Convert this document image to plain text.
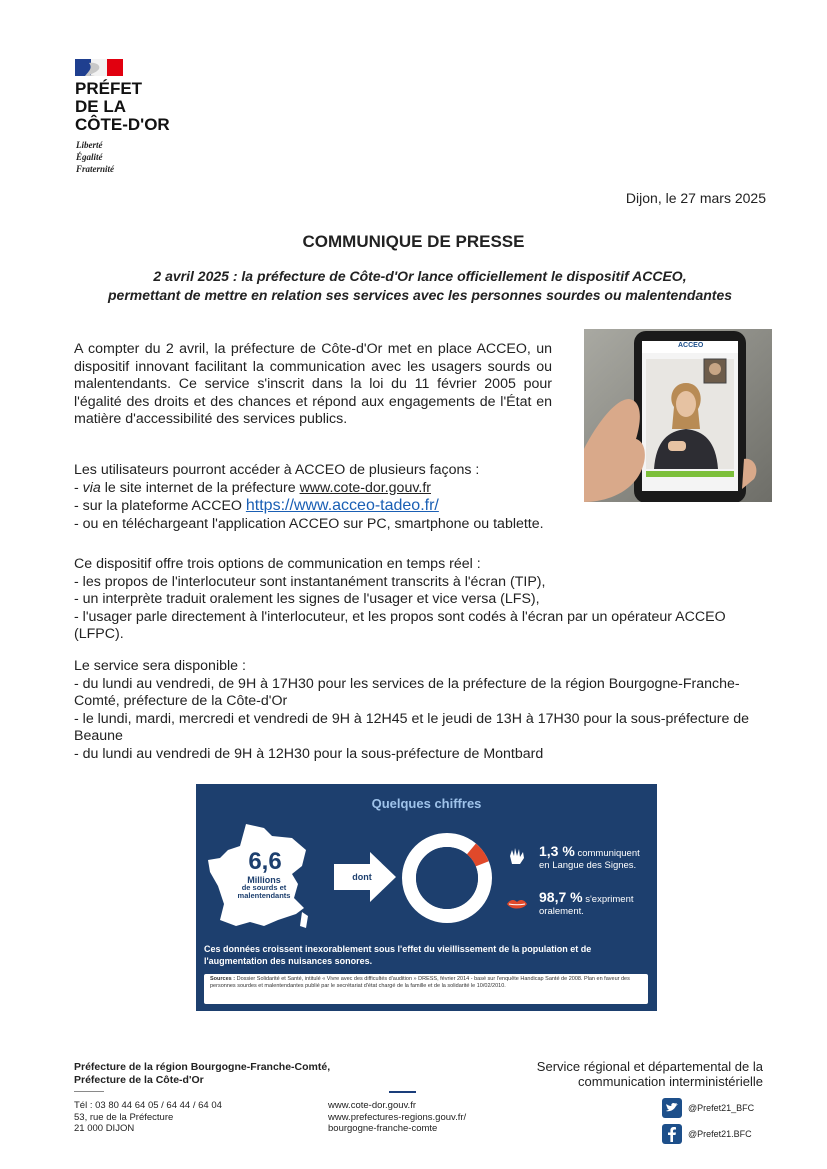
PRÉFET
DE LA
CÔTE-D'OR
Liberté
Égalité
Fraternité
Dijon, le 27 mars 2025
COMMUNIQUE DE PRESSE
2 avril 2025 : la préfecture de Côte-d'Or lance officiellement le dispositif ACCEO,
permettant de mettre en relation ses services avec les personnes sourdes ou malentendantes
A compter du 2 avril, la préfecture de Côte-d'Or met en place ACCEO, un dispositif innovant facilitant la communication avec les usagers sourds ou malentendants. Ce service s'inscrit dans la loi du 11 février 2005 pour l'égalité des droits et des chances et répond aux engagements de l'État en matière d'accessibilité des services publics.
ACCEO
Les utilisateurs pourront accéder à ACCEO de plusieurs façons :
- via le site internet de la préfecture www.cote-dor.gouv.fr
- sur la plateforme ACCEO https://www.acceo-tadeo.fr/
- ou en téléchargeant l'application ACCEO sur PC, smartphone ou tablette.
Ce dispositif offre trois options de communication en temps réel :
- les propos de l'interlocuteur sont instantanément transcrits à l'écran (TIP),
- un interprète traduit oralement les signes de l'usager et vice versa (LFS),
- l'usager parle directement à l'interlocuteur, et les propos sont codés à l'écran par un opérateur ACCEO (LFPC).
Le service sera disponible :
- du lundi au vendredi, de 9H à 17H30 pour les services de la préfecture de la région Bourgogne-Franche-Comté, préfecture de la Côte-d'Or
- le lundi, mardi, mercredi et vendredi de 9H à 12H45 et le jeudi de 13H à 17H30 pour la sous-préfecture de Beaune
- du lundi au vendredi de 9H à 12H30 pour la sous-préfecture de Montbard
Quelques chiffres
6,6
Millions
de sourds et
malentendants
dont
1,3 % communiquent
en Langue des Signes.
98,7 % s'expriment
oralement.
Ces données croissent inexorablement sous l'effet du vieillissement de la population et de l'augmentation des nuisances sonores.
Sources : Dossier Solidarité et Santé, intitulé « Vivre avec des difficultés d'audition » DRESS, février 2014 - basé sur l'enquête Handicap Santé de 2008. Plan en faveur des personnes sourdes et malentendantes publié par le secrétariat d'état chargé de la famille et de la solidarité le 10/02/2010.
Préfecture de la région Bourgogne-Franche-Comté,
Préfecture de la Côte-d'Or
Service régional et départemental de la
communication interministérielle
Tél : 03 80 44 64 05 / 64 44 / 64 04
53, rue de la Préfecture
21 000 DIJON
www.cote-dor.gouv.fr
www.prefectures-regions.gouv.fr/
bourgogne-franche-comte
@Prefet21_BFC
@Prefet21.BFC
